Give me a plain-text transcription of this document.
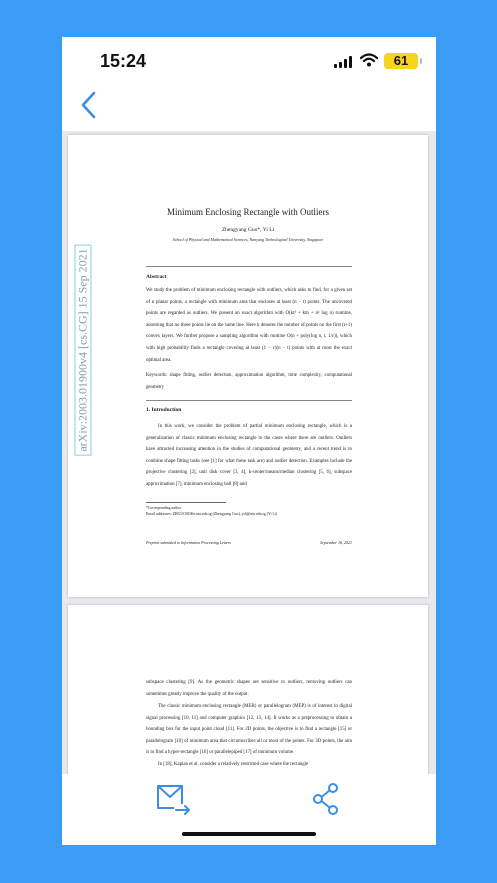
15:24	61
arXiv:2003.01900v4 [cs.CG] 15 Sep 2021
Minimum Enclosing Rectangle with Outliers
Zhengyang Guo*, Yi Li
School of Physical and Mathematical Sciences, Nanyang Technological University, Singapore
Abstract
We study the problem of minimum enclosing rectangle with outliers, which asks to find, for a given set of n planar points, a rectangle with minimum area that encloses at least (n − t) points. The uncovered points are regarded as outliers. We present an exact algorithm with O(kt³ + ktn + n² log n) runtime, assuming that no three points lie on the same line. Here k denotes the number of points on the first (t+1) convex layers. We further propose a sampling algorithm with runtime O(n + poly(log n, t, 1/ε)), which with high probability finds a rectangle covering at least (1 − ε)(n − t) points with at most the exact optimal area.
Keywords: shape fitting, outlier detection, approximation algorithm, time complexity, computational geometry
1. Introduction
In this work, we consider the problem of partial minimum enclosing rectangle, which is a generalization of classic minimum enclosing rectangle to the cases where there are outliers. Outliers have attracted increasing attention in the studies of computational geometry, and a recent trend is to combine shape fitting tasks (see [1] for what these task are) and outlier detection. Examples include the projective clustering [2], unit disk cover [3, 4], k-center/means/median clustering [5, 6], subspace approximation [7], minimum enclosing ball [8] and
*Corresponding author
Email addresses: ZHGUO0106e.ntu.edu.sg (Zhengyang Guo), yili@ntu.edu.sg (Yi Li)
Preprint submitted to Information Processing Letters	September 16, 2021
subspace clustering [9]. As the geometric shapes are sensitive to outliers, removing outliers can sometimes greatly improve the quality of the output.
The classic minimum enclosing rectangle (MER) or parallelogram (MEP) is of interest in digital signal processing [10, 11] and computer graphics [12, 13, 14]. It works as a preprocessing to obtain a bounding box for the input point cloud [11]. For 2D points, the objective is to find a rectangle [15] or parallelogram [10] of minimum area that circumscribes all or most of the points. For 3D points, the aim is to find a hyper-rectangle [16] or parallelepiped [17] of minimum volume.
In [18], Kaplan et al. consider a relatively restricted case where the rectangle
